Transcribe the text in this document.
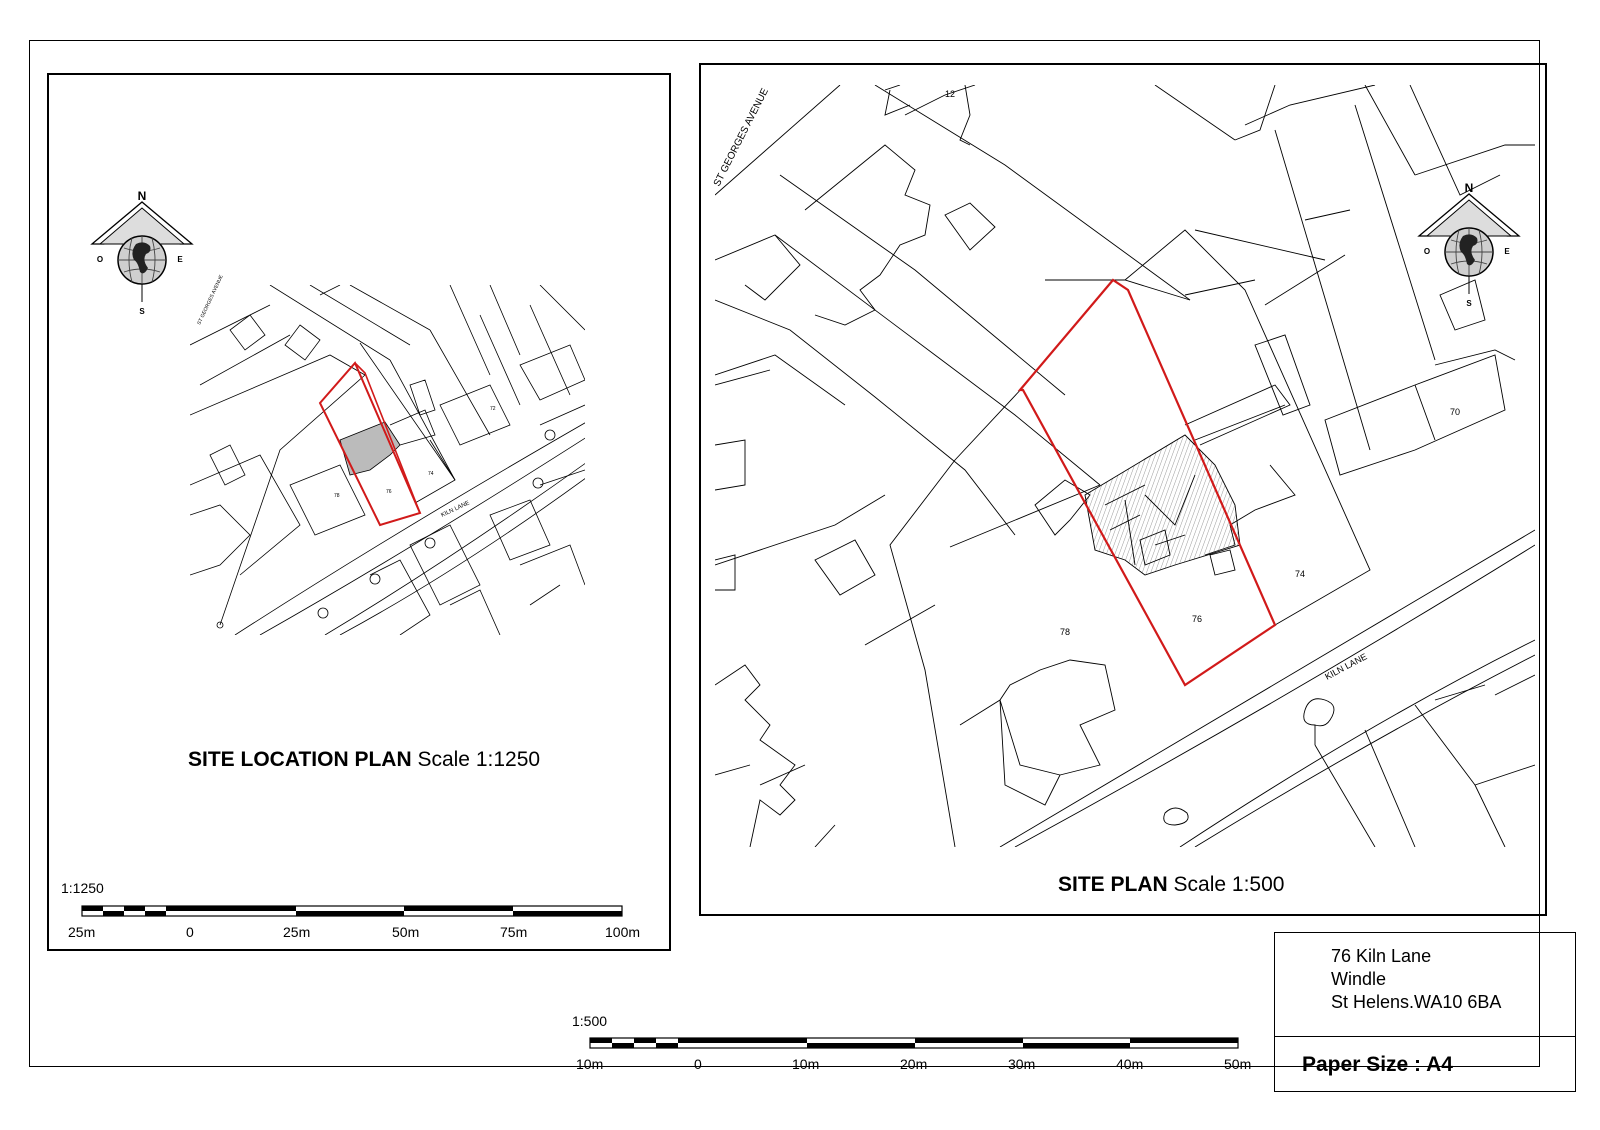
N
S
O	E
ST GEORGES AVENUE
KILN LANE
78
76
74
72
SITE LOCATION PLAN Scale 1:1250
1:1250
25m	0	25m	50m	75m	100m
ST GEORGES AVENUE
KILN LANE
12
70
74
76
78
N
S
O	E
SITE PLAN Scale 1:500
1:500
10m	0	10m	20m	30m	40m	50m
76 Kiln Lane
Windle
St Helens.WA10 6BA
Paper Size : A4
